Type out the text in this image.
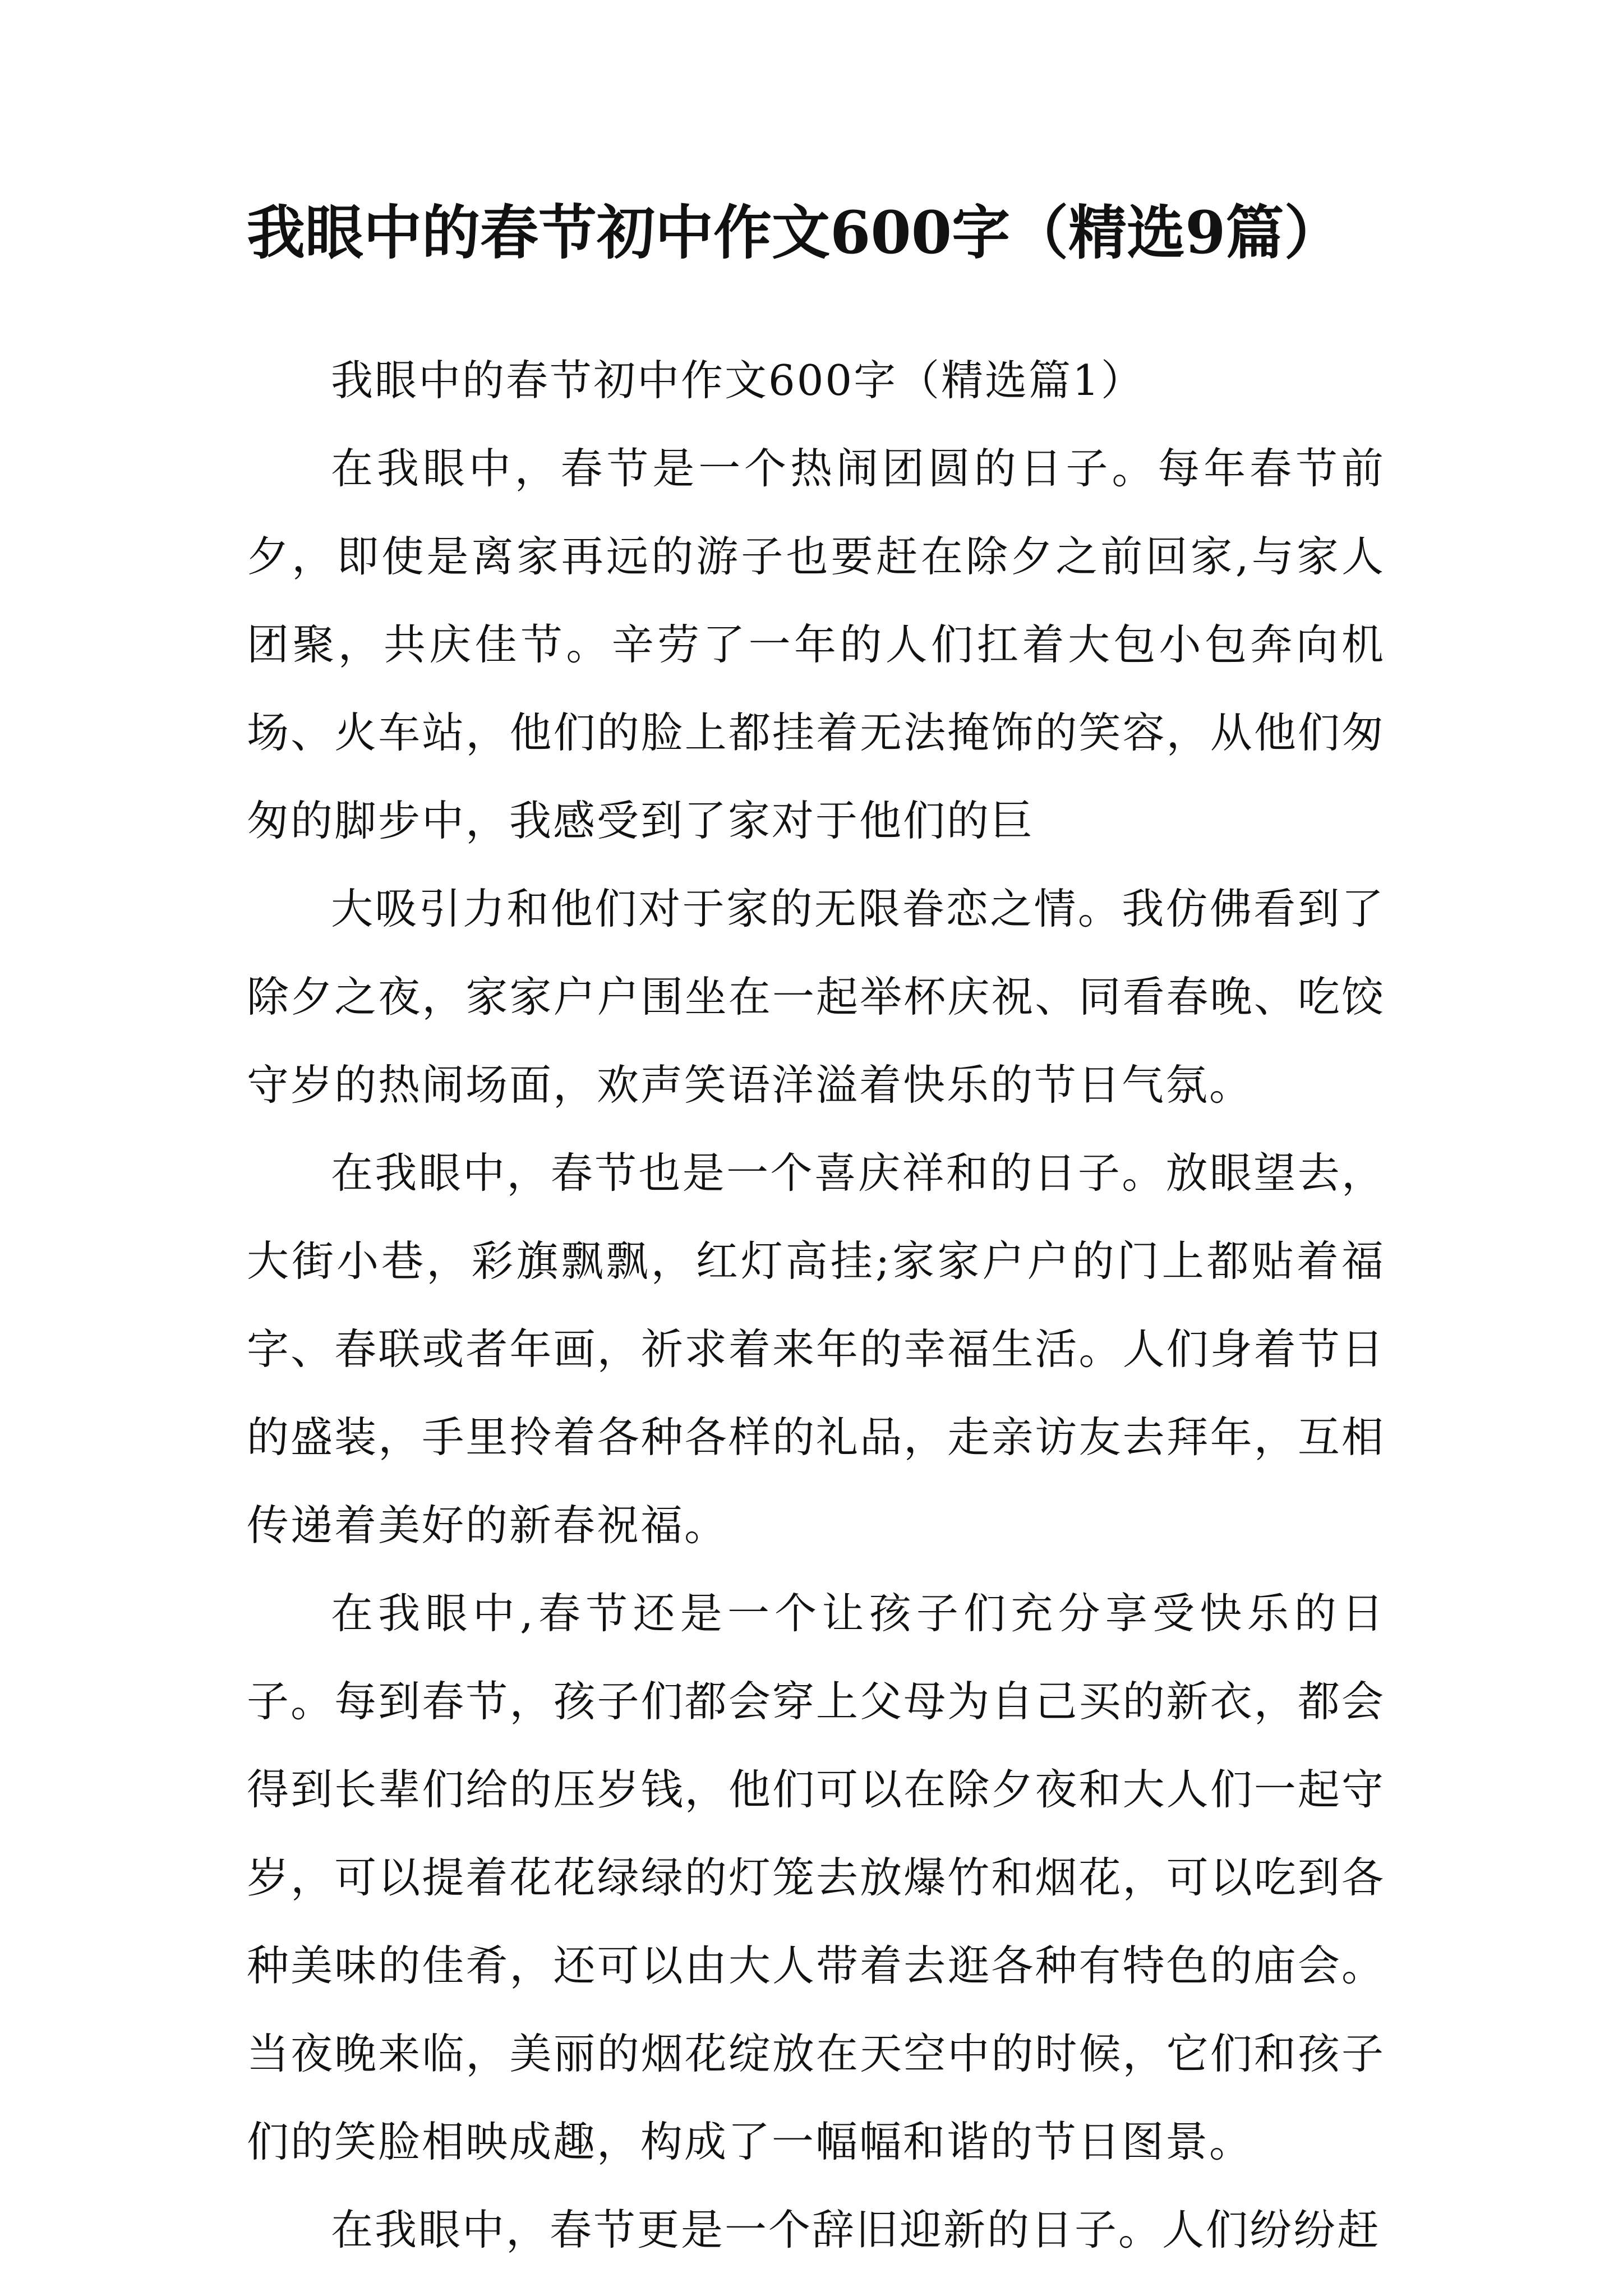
我眼中的春节初中作文600字（精选9篇）

我眼中的春节初中作文600字（精选篇1）

在我眼中，春节是一个热闹团圆的日子。每年春节前夕，即使是离家再远的游子也要赶在除夕之前回家,与家人团聚，共庆佳节。辛劳了一年的人们扛着大包小包奔向机场、火车站，他们的脸上都挂着无法掩饰的笑容，从他们匆匆的脚步中，我感受到了家对于他们的巨

大吸引力和他们对于家的无限眷恋之情。我仿佛看到了除夕之夜，家家户户围坐在一起举杯庆祝、同看春晚、吃饺守岁的热闹场面，欢声笑语洋溢着快乐的节日气氛。

在我眼中，春节也是一个喜庆祥和的日子。放眼望去，大街小巷，彩旗飘飘，红灯高挂;家家户户的门上都贴着福字、春联或者年画，祈求着来年的幸福生活。人们身着节日的盛装，手里拎着各种各样的礼品，走亲访友去拜年，互相传递着美好的新春祝福。

在我眼中,春节还是一个让孩子们充分享受快乐的日子。每到春节，孩子们都会穿上父母为自己买的新衣，都会得到长辈们给的压岁钱，他们可以在除夕夜和大人们一起守岁，可以提着花花绿绿的灯笼去放爆竹和烟花，可以吃到各种美味的佳肴，还可以由大人带着去逛各种有特色的庙会。当夜晚来临，美丽的烟花绽放在天空中的时候，它们和孩子们的笑脸相映成趣，构成了一幅幅和谐的节日图景。

在我眼中，春节更是一个辞旧迎新的日子。人们纷纷赶
